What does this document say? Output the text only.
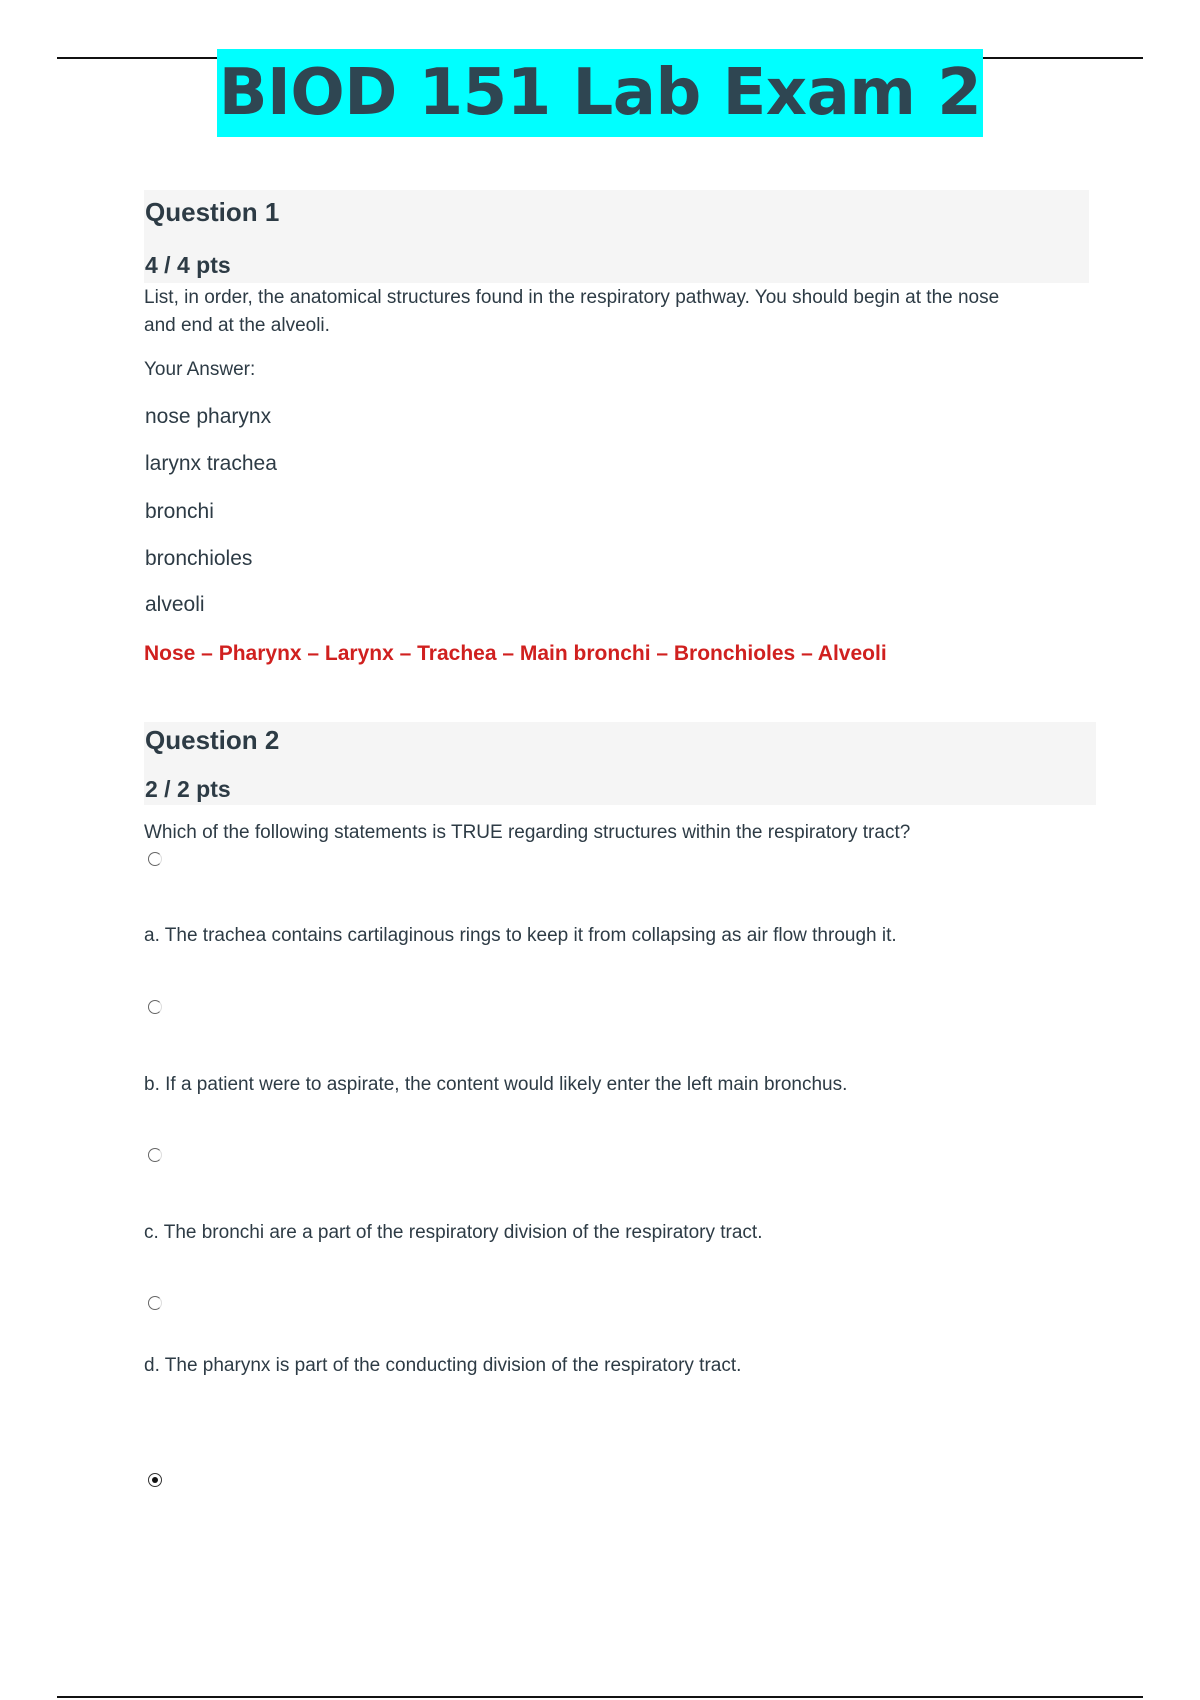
BIOD 151 Lab Exam 2
Question 1
4 / 4 pts
List, in order, the anatomical structures found in the respiratory pathway. You should begin at the nose
and end at the alveoli.
Your Answer:
nose pharynx
larynx trachea
bronchi
bronchioles
alveoli
Nose – Pharynx – Larynx – Trachea – Main bronchi – Bronchioles – Alveoli
Question 2
2 / 2 pts
Which of the following statements is TRUE regarding structures within the respiratory tract?
a. The trachea contains cartilaginous rings to keep it from collapsing as air flow through it.
b. If a patient were to aspirate, the content would likely enter the left main bronchus.
c. The bronchi are a part of the respiratory division of the respiratory tract.
d. The pharynx is part of the conducting division of the respiratory tract.
